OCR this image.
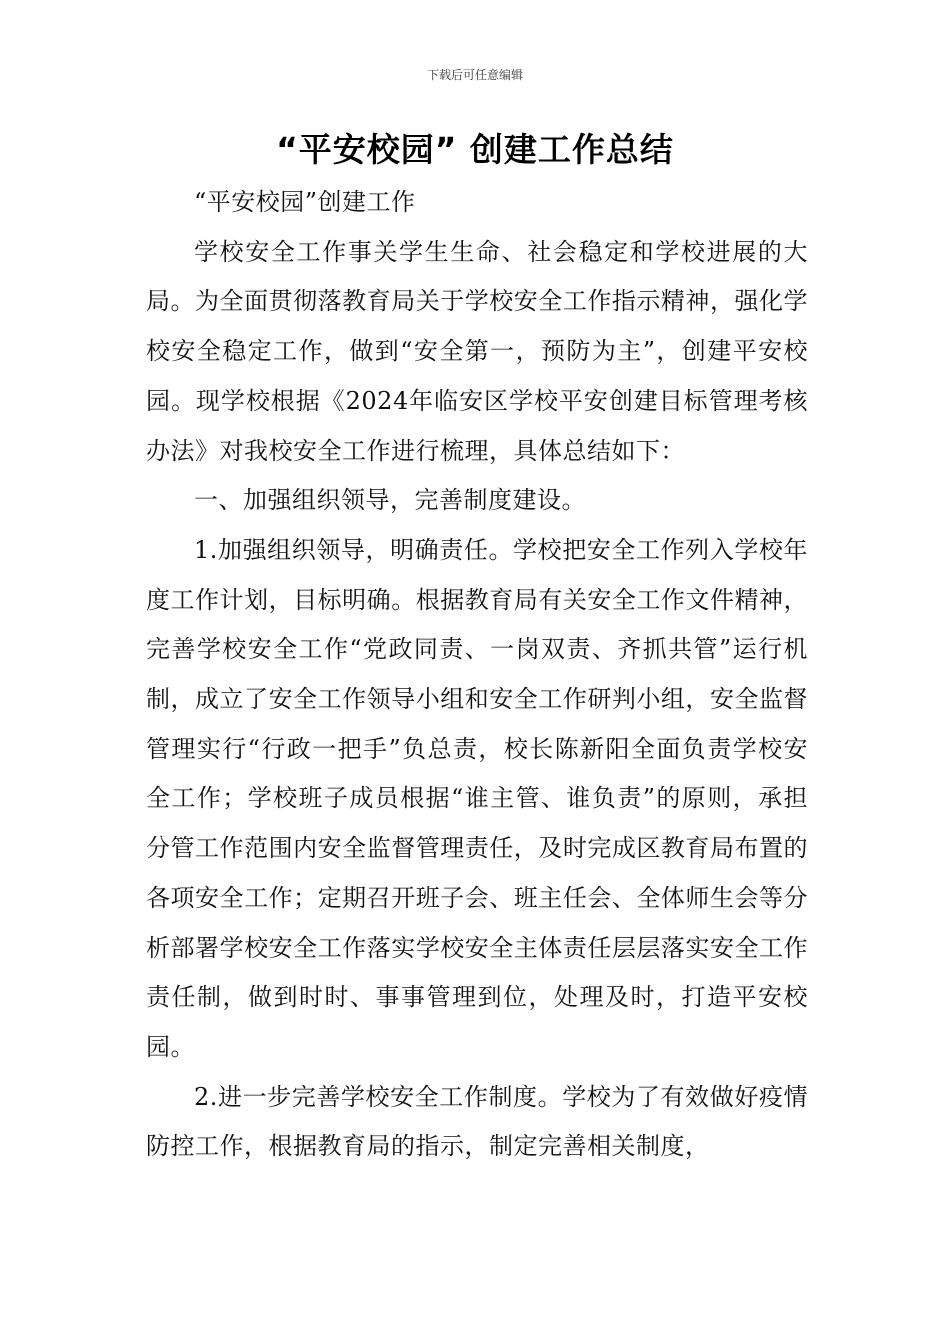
下载后可任意编辑
“平安校园” 创建工作总结

“平安校园”创建工作

学校安全工作事关学生生命、社会稳定和学校进展的大局。为全面贯彻落教育局关于学校安全工作指示精神，强化学校安全稳定工作，做到“安全第一，预防为主”，创建平安校园。现学校根据《2024年临安区学校平安创建目标管理考核办法》对我校安全工作进行梳理，具体总结如下：

一、加强组织领导，完善制度建设。

1.加强组织领导，明确责任。学校把安全工作列入学校年度工作计划，目标明确。根据教育局有关安全工作文件精神，完善学校安全工作“党政同责、一岗双责、齐抓共管”运行机制，成立了安全工作领导小组和安全工作研判小组，安全监督管理实行“行政一把手”负总责，校长陈新阳全面负责学校安全工作；学校班子成员根据“谁主管、谁负责”的原则，承担分管工作范围内安全监督管理责任，及时完成区教育局布置的各项安全工作；定期召开班子会、班主任会、全体师生会等分析部署学校安全工作落实学校安全主体责任层层落实安全工作责任制，做到时时、事事管理到位，处理及时，打造平安校园。

2.进一步完善学校安全工作制度。学校为了有效做好疫情防控工作，根据教育局的指示，制定完善相关制度，
